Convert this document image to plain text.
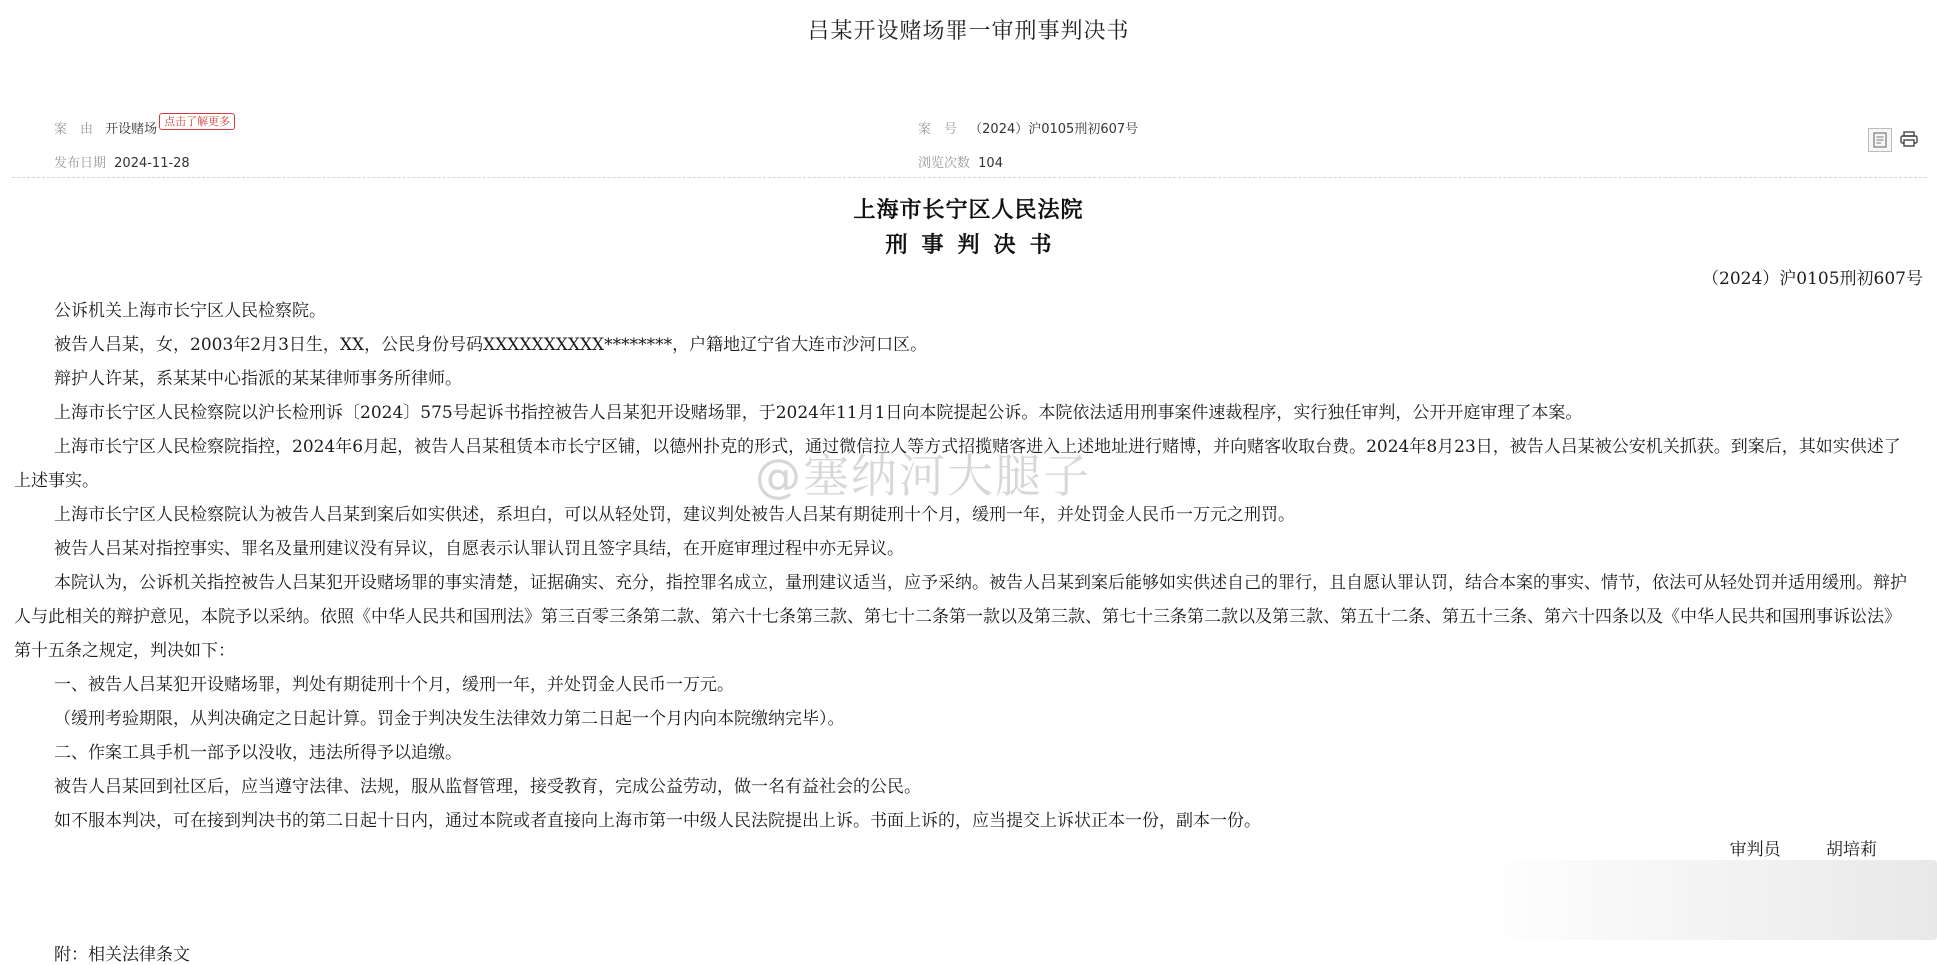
吕某开设赌场罪一审刑事判决书
案　由 开设赌场点击了解更多
案　号 （2024）沪0105刑初607号
发布日期 2024-11-28	浏览次数 104
上海市长宁区人民法院
刑事判决书
（2024）沪0105刑初607号

公诉机关上海市长宁区人民检察院。

被告人吕某，女，2003年2月3日生，XX，公民身份号码XXXXXXXXXX********，户籍地辽宁省大连市沙河口区。

辩护人许某，系某某中心指派的某某律师事务所律师。

上海市长宁区人民检察院以沪长检刑诉〔2024〕575号起诉书指控被告人吕某犯开设赌场罪，于2024年11月1日向本院提起公诉。本院依法适用刑事案件速裁程序，实行独任审判，公开开庭审理了本案。

上海市长宁区人民检察院指控，2024年6月起，被告人吕某租赁本市长宁区铺，以德州扑克的形式，通过微信拉人等方式招揽赌客进入上述地址进行赌博，并向赌客收取台费。2024年8月23日，被告人吕某被公安机关抓获。到案后，其如实供述了上述事实。

上海市长宁区人民检察院认为被告人吕某到案后如实供述，系坦白，可以从轻处罚，建议判处被告人吕某有期徒刑十个月，缓刑一年，并处罚金人民币一万元之刑罚。

被告人吕某对指控事实、罪名及量刑建议没有异议，自愿表示认罪认罚且签字具结，在开庭审理过程中亦无异议。

本院认为，公诉机关指控被告人吕某犯开设赌场罪的事实清楚，证据确实、充分，指控罪名成立，量刑建议适当，应予采纳。被告人吕某到案后能够如实供述自己的罪行，且自愿认罪认罚，结合本案的事实、情节，依法可从轻处罚并适用缓刑。辩护人与此相关的辩护意见，本院予以采纳。依照《中华人民共和国刑法》第三百零三条第二款、第六十七条第三款、第七十二条第一款以及第三款、第七十三条第二款以及第三款、第五十二条、第五十三条、第六十四条以及《中华人民共和国刑事诉讼法》第十五条之规定，判决如下：

一、被告人吕某犯开设赌场罪，判处有期徒刑十个月，缓刑一年，并处罚金人民币一万元。

（缓刑考验期限，从判决确定之日起计算。罚金于判决发生法律效力第二日起一个月内向本院缴纳完毕）。

二、作案工具手机一部予以没收，违法所得予以追缴。

被告人吕某回到社区后，应当遵守法律、法规，服从监督管理，接受教育，完成公益劳动，做一名有益社会的公民。

如不服本判决，可在接到判决书的第二日起十日内，通过本院或者直接向上海市第一中级人民法院提出上诉。书面上诉的，应当提交上诉状正本一份，副本一份。

审判员	胡培莉
附：相关法律条文
@塞纳河大腿子
